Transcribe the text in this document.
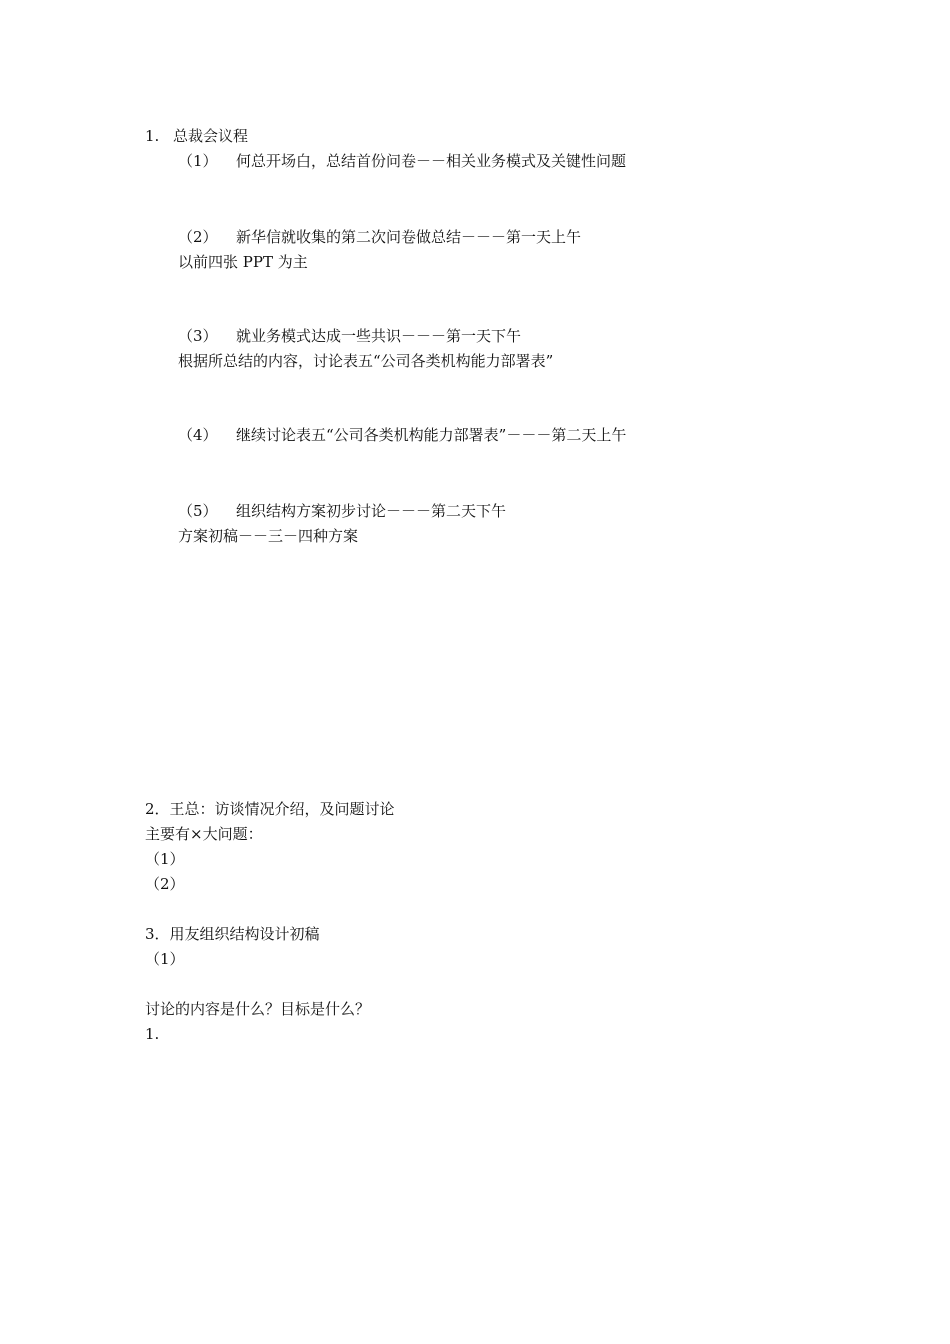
1. 总裁会议程
（1） 何总开场白，总结首份问卷－－相关业务模式及关键性问题
（2） 新华信就收集的第二次问卷做总结－－－第一天上午
以前四张 PPT 为主
（3） 就业务模式达成一些共识－－－第一天下午
根据所总结的内容，讨论表五“公司各类机构能力部署表”
（4） 继续讨论表五“公司各类机构能力部署表”－－－第二天上午
（5） 组织结构方案初步讨论－－－第二天下午
方案初稿－－三－四种方案
2．王总：访谈情况介绍，及问题讨论
主要有×大问题：
（1）
（2）
3．用友组织结构设计初稿
（1）
讨论的内容是什么？目标是什么？
1.
